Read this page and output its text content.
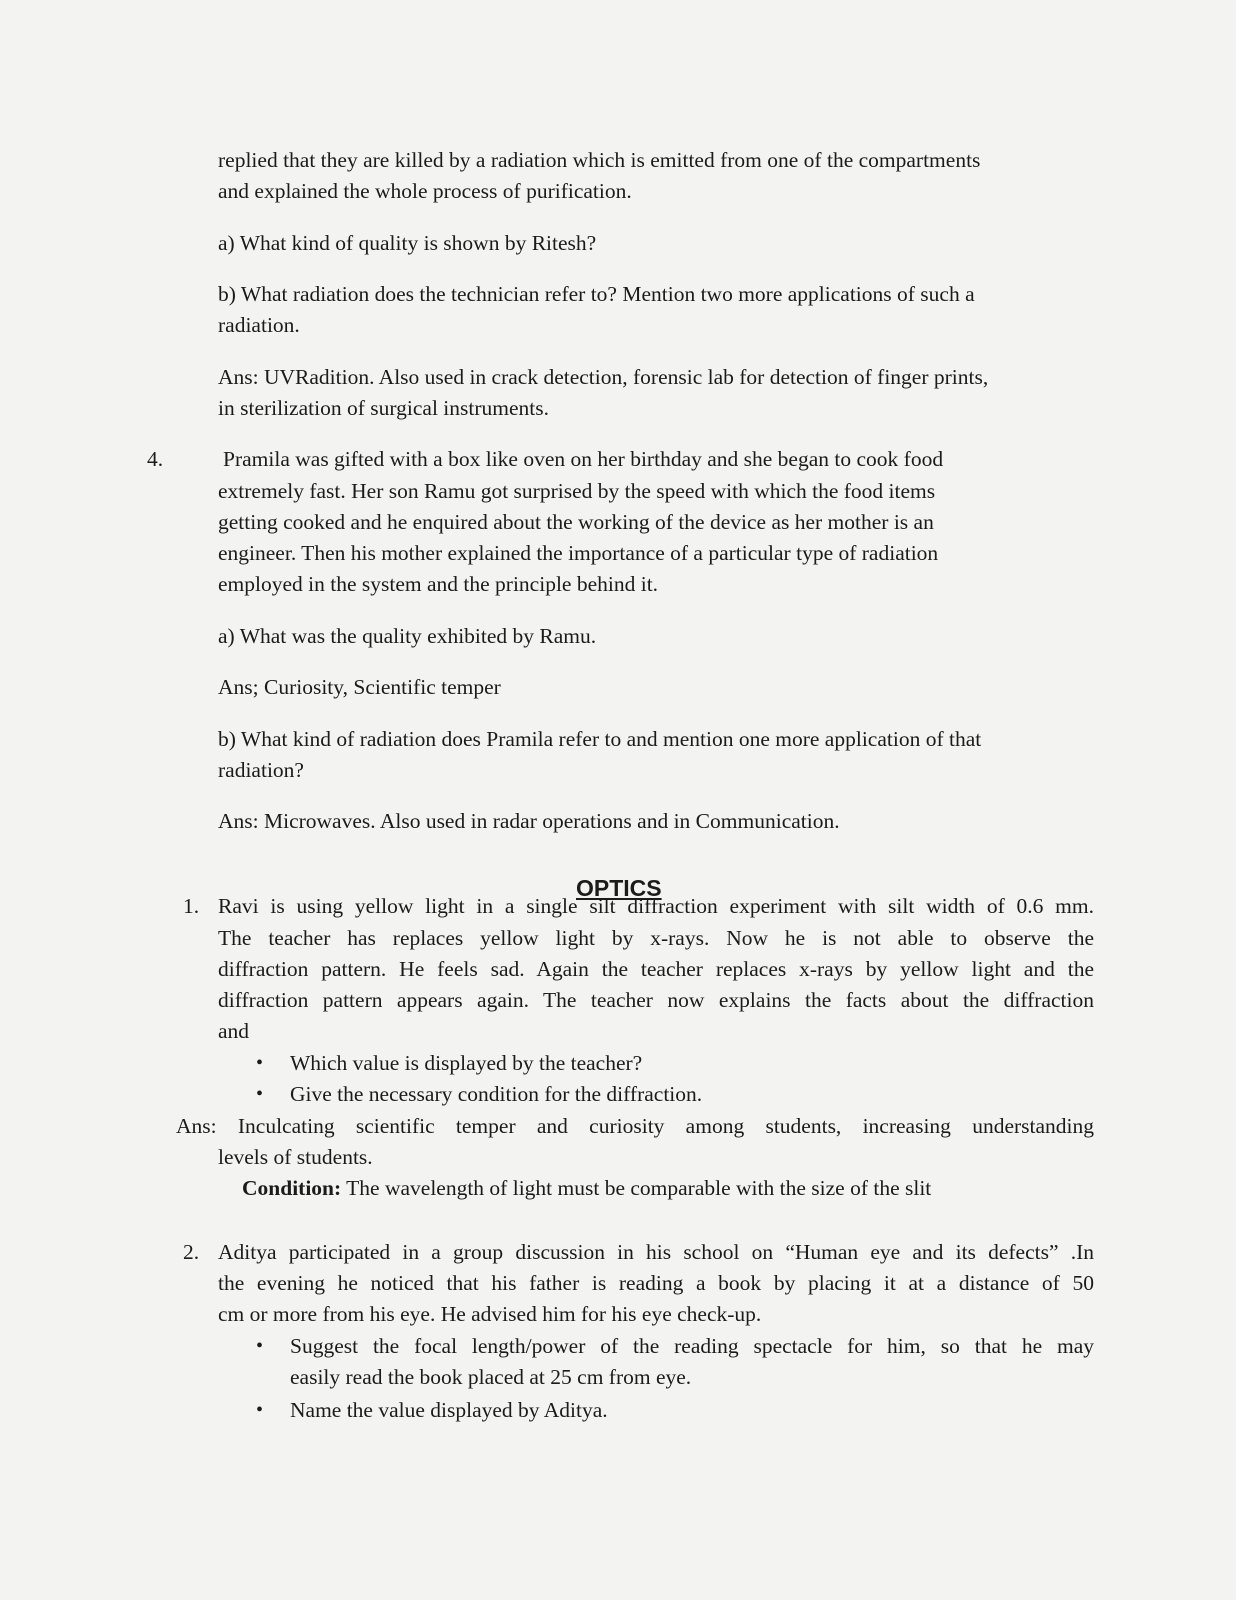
replied that they are killed by a radiation which is emitted from one of the compartments
and explained the whole process of purification.
a) What kind of quality is shown by Ritesh?
b) What radiation does the technician refer to? Mention two more applications of such a
radiation.
Ans: UVRadition. Also used in crack detection, forensic lab for detection of finger prints,
in sterilization of surgical instruments.
4.	Pramila was gifted with a box like oven on her birthday and she began to cook food
extremely fast. Her son Ramu got surprised by the speed with which the food items
getting cooked and he enquired about the working of the device as her mother is an
engineer. Then his mother explained the importance of a particular type of radiation
employed in the system and the principle behind it.
a) What was the quality exhibited by Ramu.
Ans; Curiosity, Scientific temper
b) What kind of radiation does Pramila refer to and mention one more application of that
radiation?
Ans: Microwaves. Also used in radar operations and in Communication.
OPTICS
1. Ravi is using yellow light in a single silt diffraction experiment with silt width of 0.6 mm.
The teacher has replaces yellow light by x-rays. Now he is not able to observe the
diffraction pattern. He feels sad. Again the teacher replaces x-rays by yellow light and the
diffraction pattern appears again. The teacher now explains the facts about the diffraction
and
• Which value is displayed by the teacher?
• Give the necessary condition for the diffraction.
Ans: Inculcating scientific temper and curiosity among students, increasing understanding
levels of students.
Condition: The wavelength of light must be comparable with the size of the slit
2. Aditya participated in a group discussion in his school on “Human eye and its defects” .In
the evening he noticed that his father is reading a book by placing it at a distance of 50
cm or more from his eye. He advised him for his eye check-up.
• Suggest the focal length/power of the reading spectacle for him, so that he may
easily read the book placed at 25 cm from eye.
• Name the value displayed by Aditya.
